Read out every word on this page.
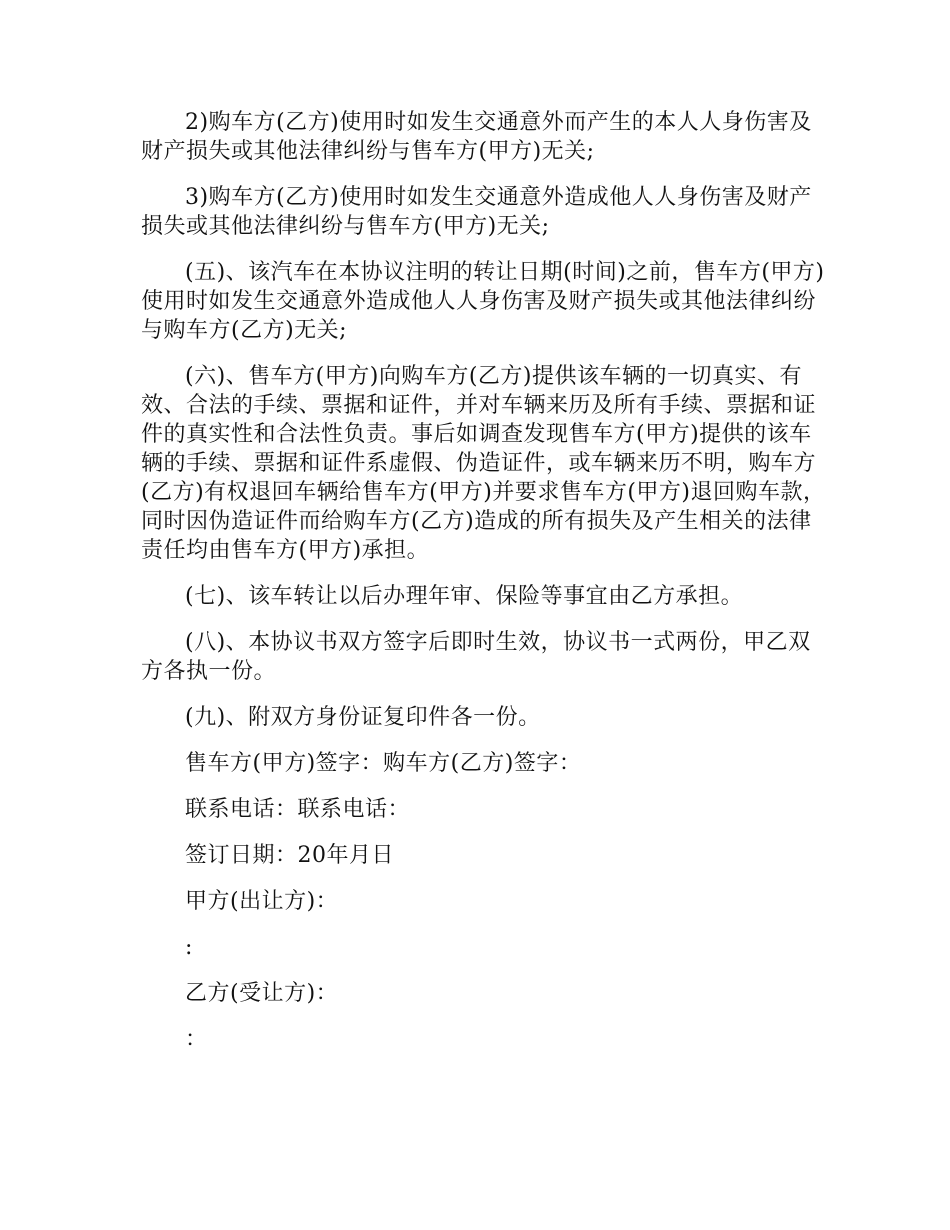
2)购车方(乙方)使用时如发生交通意外而产生的本人人身伤害及财产损失或其他法律纠纷与售车方(甲方)无关;

3)购车方(乙方)使用时如发生交通意外造成他人人身伤害及财产损失或其他法律纠纷与售车方(甲方)无关;

(五)、该汽车在本协议注明的转让日期(时间)之前，售车方(甲方)使用时如发生交通意外造成他人人身伤害及财产损失或其他法律纠纷与购车方(乙方)无关;

(六)、售车方(甲方)向购车方(乙方)提供该车辆的一切真实、有效、合法的手续、票据和证件，并对车辆来历及所有手续、票据和证件的真实性和合法性负责。事后如调查发现售车方(甲方)提供的该车辆的手续、票据和证件系虚假、伪造证件，或车辆来历不明，购车方(乙方)有权退回车辆给售车方(甲方)并要求售车方(甲方)退回购车款，同时因伪造证件而给购车方(乙方)造成的所有损失及产生相关的法律责任均由售车方(甲方)承担。

(七)、该车转让以后办理年审、保险等事宜由乙方承担。

(八)、本协议书双方签字后即时生效，协议书一式两份，甲乙双方各执一份。

(九)、附双方身份证复印件各一份。

售车方(甲方)签字：购车方(乙方)签字：

联系电话：联系电话：

签订日期：20年月日

甲方(出让方)：

:

乙方(受让方)：

：
